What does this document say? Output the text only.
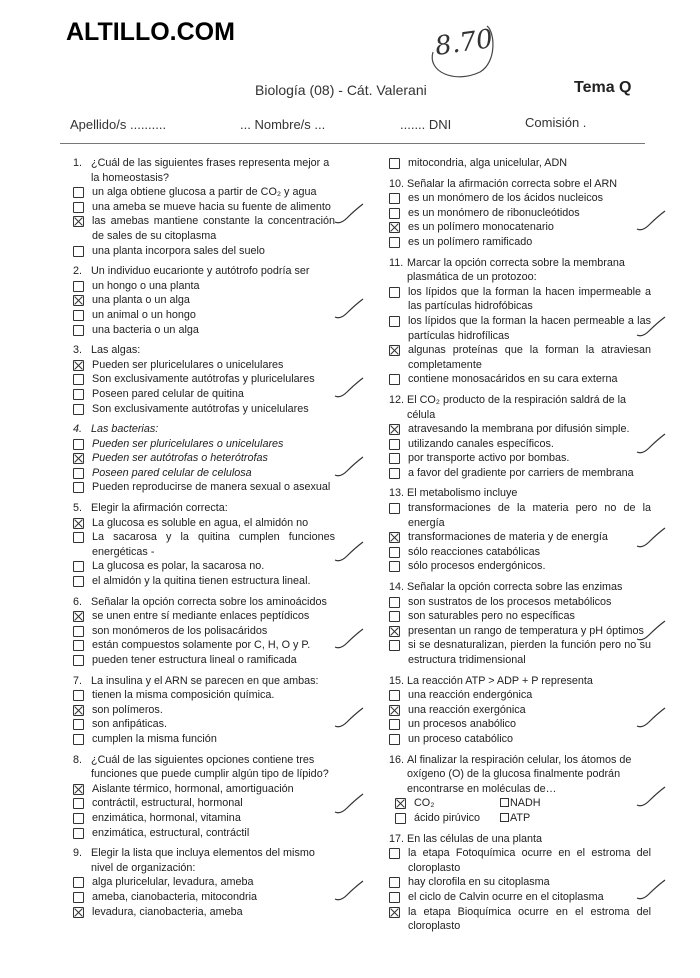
ALTILLO.COM	8.70
Biología (08) - Cát. Valerani	Tema Q
Apellido/s ..........	... Nombre/s ...	....... DNI	Comisión .
1. ¿Cuál de las siguientes frases representa mejor a la homeostasis?
un alga obtiene glucosa a partir de CO₂ y agua
una ameba se mueve hacia su fuente de alimento
las amebas mantiene constante la concentración de sales de su citoplasma
una planta incorpora sales del suelo
2. Un individuo eucarionte y autótrofo podría ser
un hongo o una planta
una planta o un alga
un animal o un hongo
una bacteria o un alga
3. Las algas:
Pueden ser pluricelulares o unicelulares
Son exclusivamente autótrofas y pluricelulares
Poseen pared celular de quitina
Son exclusivamente autótrofas y unicelulares
4. Las bacterias:
Pueden ser pluricelulares o unicelulares
Pueden ser autótrofas o heterótrofas
Poseen pared celular de celulosa
Pueden reproducirse de manera sexual o asexual
5. Elegir la afirmación correcta:
La glucosa es soluble en agua, el almidón no
La sacarosa y la quitina cumplen funciones energéticas -
La glucosa es polar, la sacarosa no.
el almidón y la quitina tienen estructura lineal.
6. Señalar la opción correcta sobre los aminoácidos
se unen entre sí mediante enlaces peptídicos
son monómeros de los polisacáridos
están compuestos solamente por C, H, O y P.
pueden tener estructura lineal o ramificada
7. La insulina y el ARN se parecen en que ambas:
tienen la misma composición química.
son polímeros.
son anfipáticas.
cumplen la misma función
8. ¿Cuál de las siguientes opciones contiene tres funciones que puede cumplir algún tipo de lípido?
Aislante térmico, hormonal, amortiguación
contráctil, estructural, hormonal
enzimática, hormonal, vitamina
enzimática, estructural, contráctil
9. Elegir la lista que incluya elementos del mismo nivel de organización:
alga pluricelular, levadura, ameba
ameba, cianobacteria, mitocondria
levadura, cianobacteria, ameba
mitocondria, alga unicelular, ADN
10. Señalar la afirmación correcta sobre el ARN
es un monómero de los ácidos nucleicos
es un monómero de ribonucleótidos
es un polímero monocatenario
es un polímero ramificado
11. Marcar la opción correcta sobre la membrana plasmática de un protozoo:
los lípidos que la forman la hacen impermeable a las partículas hidrofóbicas
los lípidos que la forman la hacen permeable a las partículas hidrofílicas
algunas proteínas que la forman la atraviesan completamente
contiene monosacáridos en su cara externa
12. El CO₂ producto de la respiración saldrá de la célula
atravesando la membrana por difusión simple.
utilizando canales específicos.
por transporte activo por bombas.
a favor del gradiente por carriers de membrana
13. El metabolismo incluye
transformaciones de la materia pero no de la energía
transformaciones de materia y de energía
sólo reacciones catabólicas
sólo procesos endergónicos.
14. Señalar la opción correcta sobre las enzimas
son sustratos de los procesos metabólicos
son saturables pero no específicas
presentan un rango de temperatura y pH óptimos
si se desnaturalizan, pierden la función pero no su estructura tridimensional
15. La reacción ATP > ADP + P representa
una reacción endergónica
una reacción exergónica
un procesos anabólico
un proceso catabólico
16. Al finalizar la respiración celular, los átomos de oxígeno (O) de la glucosa finalmente podrán encontrarse en moléculas de…
CO₂	NADH
ácido pirúvico	ATP
17. En las células de una planta
la etapa Fotoquímica ocurre en el estroma del cloroplasto
hay clorofila en su citoplasma
el ciclo de Calvin ocurre en el citoplasma
la etapa Bioquímica ocurre en el estroma del cloroplasto
